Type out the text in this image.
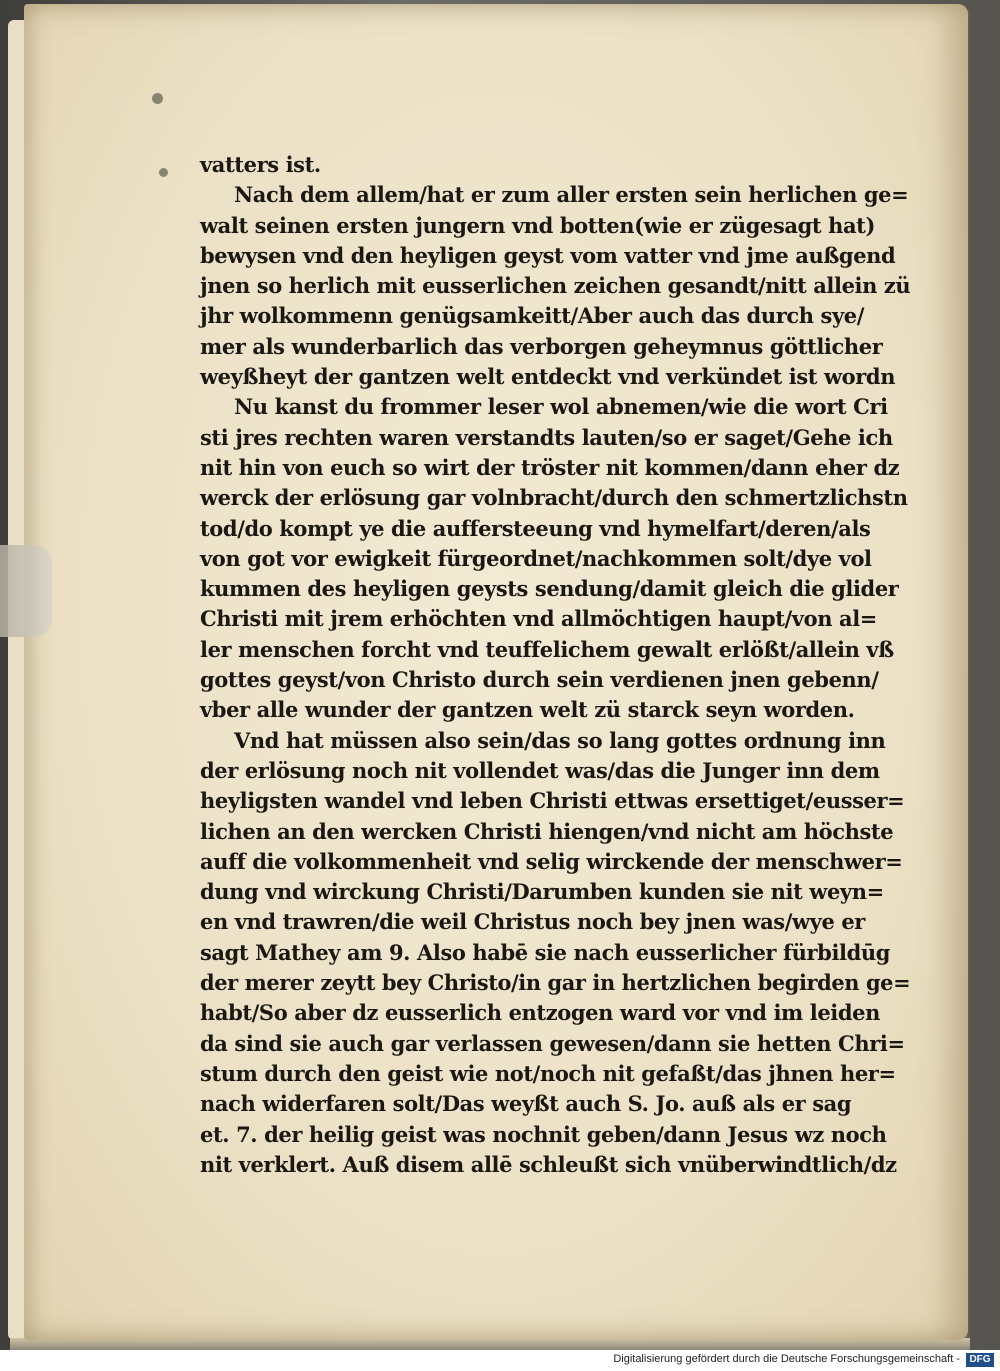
vatters ist.
Nach dem allem/hat er zum aller ersten sein herlichen ge=
walt seinen ersten jungern vnd botten(wie er zügesagt hat)
bewysen vnd den heyligen geyst vom vatter vnd jme außgend
jnen so herlich mit eusserlichen zeichen gesandt/nitt allein zü
jhr wolkommenn genügsamkeitt/Aber auch das durch sye/
mer als wunderbarlich das verborgen geheymnus göttlicher
weyßheyt der gantzen welt entdeckt vnd verkündet ist wordn
Nu kanst du frommer leser wol abnemen/wie die wort Cri
sti jres rechten waren verstandts lauten/so er saget/Gehe ich
nit hin von euch so wirt der tröster nit kommen/dann eher dz
werck der erlösung gar volnbracht/durch den schmertzlichstn
tod/do kompt ye die aufferstееung vnd hymelfart/deren/als
von got vor ewigkeit fürgeordnet/nachkommen solt/dye vol
kummen des heyligen geysts sendung/damit gleich die glider
Christi mit jrem erhöchten vnd allmöchtigen haupt/von al=
ler menschen forcht vnd teuffelichem gewalt erlößt/allein vß
gottes geyst/von Christo durch sein verdienen jnen gebenn/
vber alle wunder der gantzen welt zü starck seyn worden.
Vnd hat müssen also sein/das so lang gottes ordnung inn
der erlösung noch nit vollendet was/das die Junger inn dem
heyligsten wandel vnd leben Christi ettwas ersettiget/eusser=
lichen an den wercken Christi hiengen/vnd nicht am höchste
auff die volkommenheit vnd selig wirckende der menschwer=
dung vnd wirckung Christi/Darumben kunden sie nit weyn=
en vnd trawren/die weil Christus noch bey jnen was/wye er
sagt Mathey am 9. Also habē sie nach eusserlicher fürbildūg
der merer zeytt bey Christo/in gar in hertzlichen begirden ge=
habt/So aber dz eusserlich entzogen ward vor vnd im leiden
da sind sie auch gar verlassen gewesen/dann sie hetten Chri=
stum durch den geist wie not/noch nit gefaßt/das jhnen her=
nach widerfaren solt/Das weyßt auch S. Jo. auß als er sag
et. 7. der heilig geist was nochnit geben/dann Jesus wz noch
nit verklert. Auß disem allē schleußt sich vnüberwindtlich/dz
Digitalisierung gefördert durch die Deutsche Forschungsgemeinschaft - DFG
